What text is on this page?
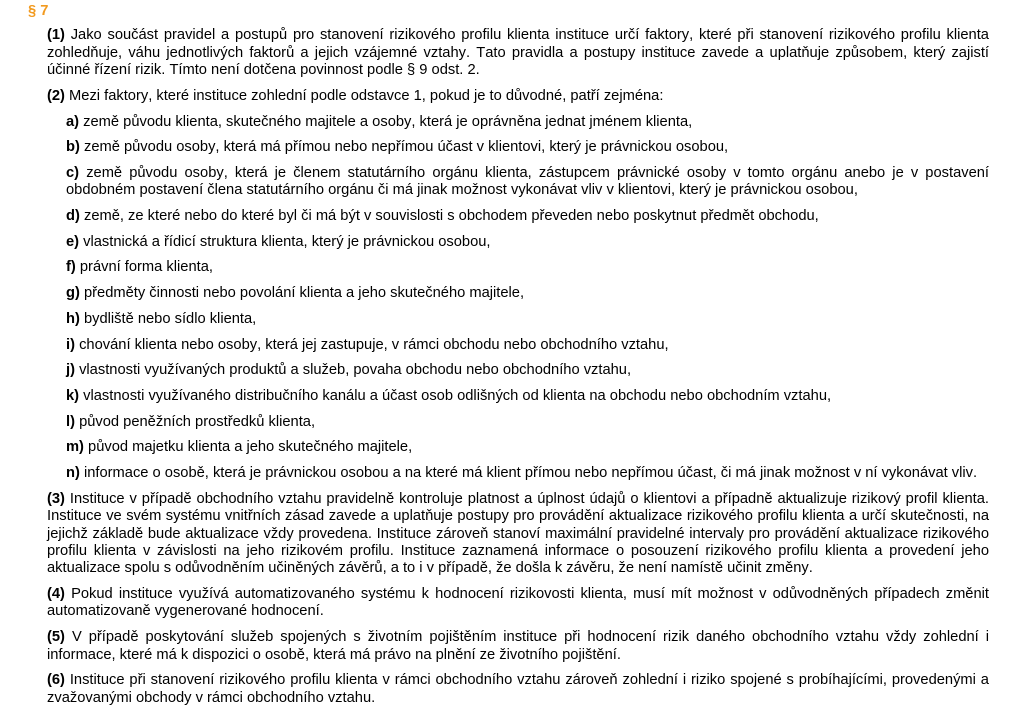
§ 7
(1) Jako součást pravidel a postupů pro stanovení rizikového profilu klienta instituce určí faktory, které při stanovení rizikového profilu klienta zohledňuje, váhu jednotlivých faktorů a jejich vzájemné vztahy. Tato pravidla a postupy instituce zavede a uplatňuje způsobem, který zajistí účinné řízení rizik. Tímto není dotčena povinnost podle § 9 odst. 2.
(2) Mezi faktory, které instituce zohlední podle odstavce 1, pokud je to důvodné, patří zejména:
a) země původu klienta, skutečného majitele a osoby, která je oprávněna jednat jménem klienta,
b) země původu osoby, která má přímou nebo nepřímou účast v klientovi, který je právnickou osobou,
c) země původu osoby, která je členem statutárního orgánu klienta, zástupcem právnické osoby v tomto orgánu anebo je v postavení obdobném postavení člena statutárního orgánu či má jinak možnost vykonávat vliv v klientovi, který je právnickou osobou,
d) země, ze které nebo do které byl či má být v souvislosti s obchodem převeden nebo poskytnut předmět obchodu,
e) vlastnická a řídicí struktura klienta, který je právnickou osobou,
f) právní forma klienta,
g) předměty činnosti nebo povolání klienta a jeho skutečného majitele,
h) bydliště nebo sídlo klienta,
i) chování klienta nebo osoby, která jej zastupuje, v rámci obchodu nebo obchodního vztahu,
j) vlastnosti využívaných produktů a služeb, povaha obchodu nebo obchodního vztahu,
k) vlastnosti využívaného distribučního kanálu a účast osob odlišných od klienta na obchodu nebo obchodním vztahu,
l) původ peněžních prostředků klienta,
m) původ majetku klienta a jeho skutečného majitele,
n) informace o osobě, která je právnickou osobou a na které má klient přímou nebo nepřímou účast, či má jinak možnost v ní vykonávat vliv.
(3) Instituce v případě obchodního vztahu pravidelně kontroluje platnost a úplnost údajů o klientovi a případně aktualizuje rizikový profil klienta. Instituce ve svém systému vnitřních zásad zavede a uplatňuje postupy pro provádění aktualizace rizikového profilu klienta a určí skutečnosti, na jejichž základě bude aktualizace vždy provedena. Instituce zároveň stanoví maximální pravidelné intervaly pro provádění aktualizace rizikového profilu klienta v závislosti na jeho rizikovém profilu. Instituce zaznamená informace o posouzení rizikového profilu klienta a provedení jeho aktualizace spolu s odůvodněním učiněných závěrů, a to i v případě, že došla k závěru, že není namístě učinit změny.
(4) Pokud instituce využívá automatizovaného systému k hodnocení rizikovosti klienta, musí mít možnost v odůvodněných případech změnit automatizovaně vygenerované hodnocení.
(5) V případě poskytování služeb spojených s životním pojištěním instituce při hodnocení rizik daného obchodního vztahu vždy zohlední i informace, které má k dispozici o osobě, která má právo na plnění ze životního pojištění.
(6) Instituce při stanovení rizikového profilu klienta v rámci obchodního vztahu zároveň zohlední i riziko spojené s probíhajícími, provedenými a zvažovanými obchody v rámci obchodního vztahu.
